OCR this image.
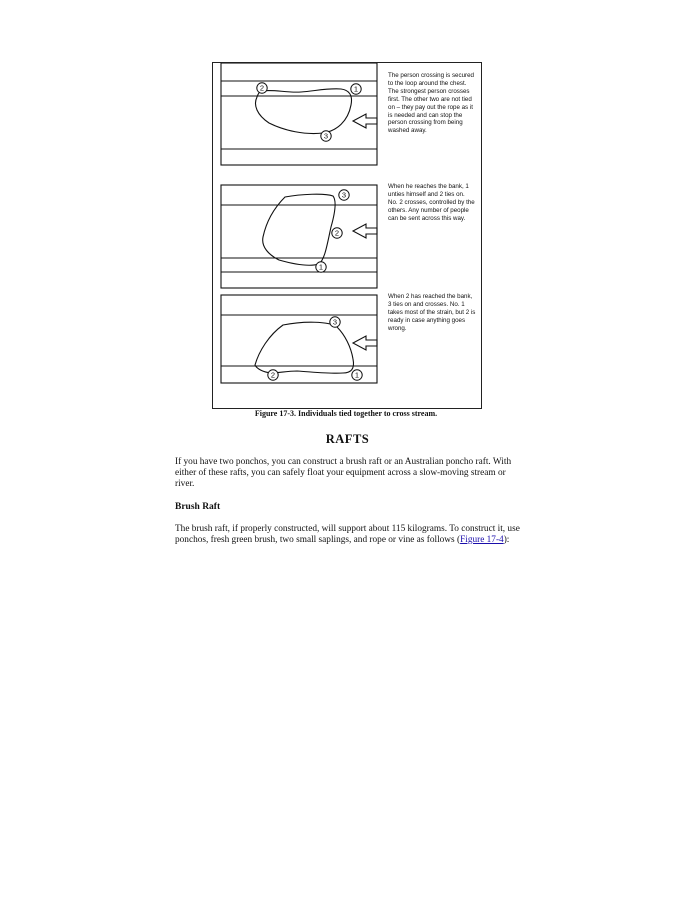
2	1
3
3
2
1
3
2	1
The person crossing is secured to the loop around the chest. The strongest person crosses first. The other two are not tied on – they pay out the rope as it is needed and can stop the person crossing from being washed away.
When he reaches the bank, 1 unties himself and 2 ties on. No. 2 crosses, controlled by the others. Any number of people can be sent across this way.
When 2 has reached the bank, 3 ties on and crosses. No. 1 takes most of the strain, but 2 is ready in case anything goes wrong.
Figure 17-3. Individuals tied together to cross stream.
RAFTS
If you have two ponchos, you can construct a brush raft or an Australian poncho raft. With either of these rafts, you can safely float your equipment across a slow-moving stream or river.
Brush Raft
The brush raft, if properly constructed, will support about 115 kilograms. To construct it, use ponchos, fresh green brush, two small saplings, and rope or vine as follows (Figure 17-4):
